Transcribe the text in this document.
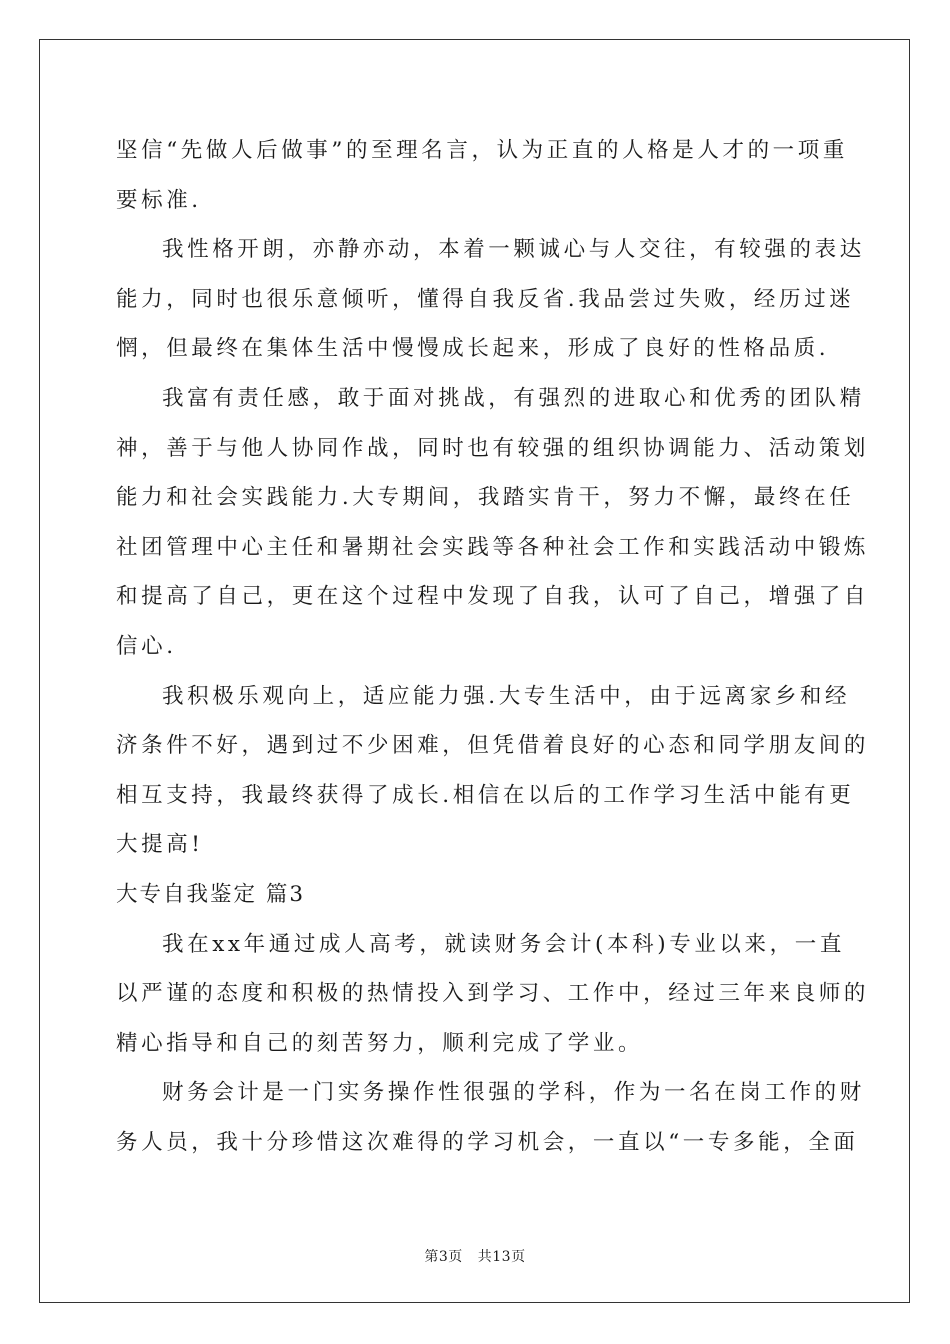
坚信“先做人后做事”的至理名言，认为正直的人格是人才的一项重
要标准.
我性格开朗，亦静亦动，本着一颗诚心与人交往，有较强的表达
能力，同时也很乐意倾听，懂得自我反省.我品尝过失败，经历过迷
惘，但最终在集体生活中慢慢成长起来，形成了良好的性格品质.
我富有责任感，敢于面对挑战，有强烈的进取心和优秀的团队精
神，善于与他人协同作战，同时也有较强的组织协调能力、活动策划
能力和社会实践能力.大专期间，我踏实肯干，努力不懈，最终在任
社团管理中心主任和暑期社会实践等各种社会工作和实践活动中锻炼
和提高了自己，更在这个过程中发现了自我，认可了自己，增强了自
信心.
我积极乐观向上，适应能力强.大专生活中，由于远离家乡和经
济条件不好，遇到过不少困难，但凭借着良好的心态和同学朋友间的
相互支持，我最终获得了成长.相信在以后的工作学习生活中能有更
大提高!
大专自我鉴定 篇3
我在xx年通过成人高考，就读财务会计(本科)专业以来，一直
以严谨的态度和积极的热情投入到学习、工作中，经过三年来良师的
精心指导和自己的刻苦努力，顺利完成了学业。
财务会计是一门实务操作性很强的学科，作为一名在岗工作的财
务人员，我十分珍惜这次难得的学习机会，一直以“一专多能，全面
第3页 共13页
